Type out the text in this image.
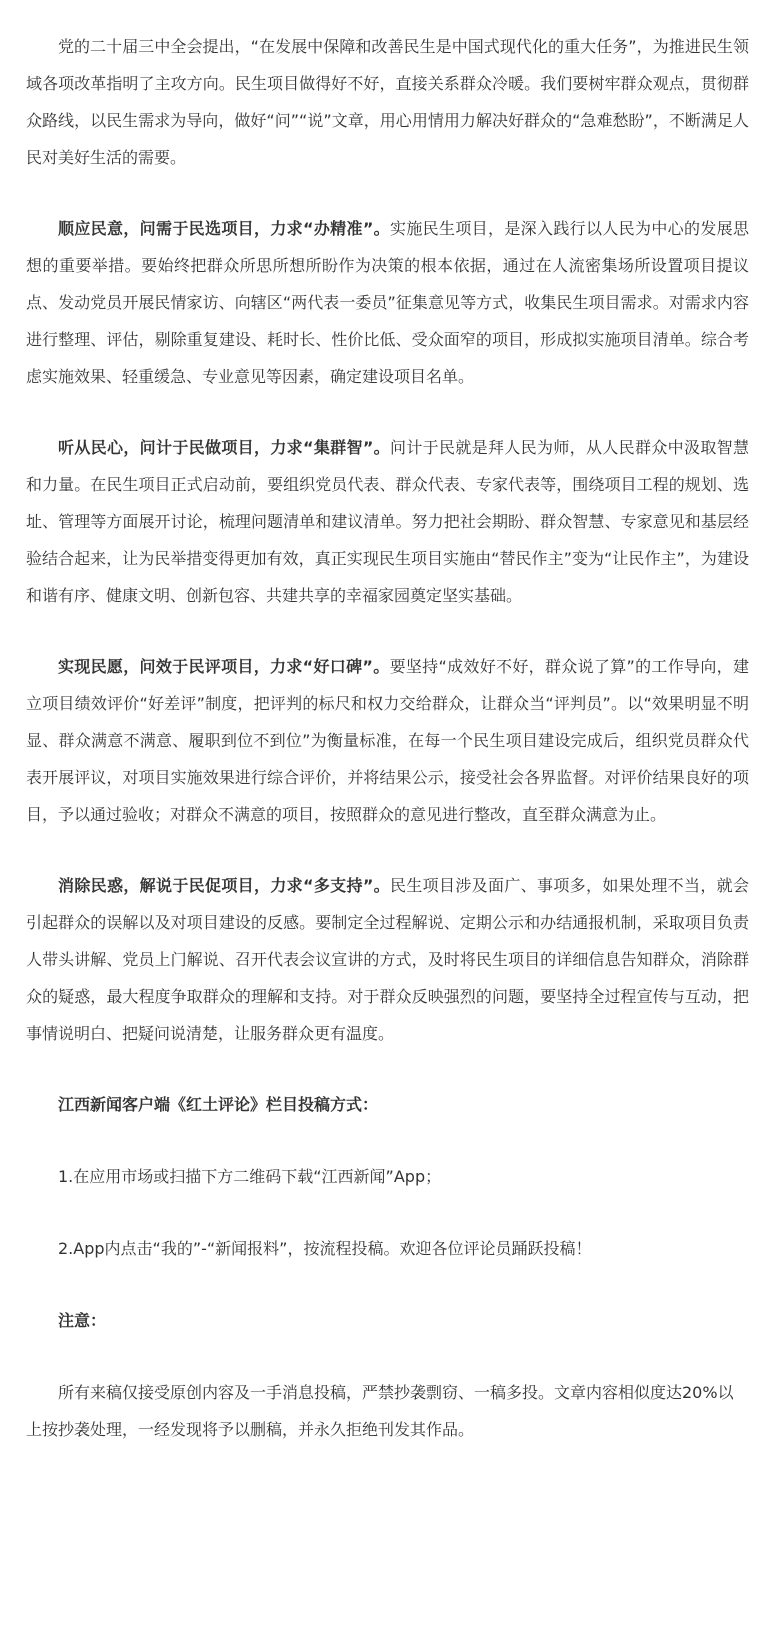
党的二十届三中全会提出，“在发展中保障和改善民生是中国式现代化的重大任务”，为推进民生领域各项改革指明了主攻方向。民生项目做得好不好，直接关系群众冷暖。我们要树牢群众观点，贯彻群众路线，以民生需求为导向，做好“问”“说”文章，用心用情用力解决好群众的“急难愁盼”，不断满足人民对美好生活的需要。

顺应民意，问需于民选项目，力求“办精准”。实施民生项目，是深入践行以人民为中心的发展思想的重要举措。要始终把群众所思所想所盼作为决策的根本依据，通过在人流密集场所设置项目提议点、发动党员开展民情家访、向辖区“两代表一委员”征集意见等方式，收集民生项目需求。对需求内容进行整理、评估，剔除重复建设、耗时长、性价比低、受众面窄的项目，形成拟实施项目清单。综合考虑实施效果、轻重缓急、专业意见等因素，确定建设项目名单。

听从民心，问计于民做项目，力求“集群智”。问计于民就是拜人民为师，从人民群众中汲取智慧和力量。在民生项目正式启动前，要组织党员代表、群众代表、专家代表等，围绕项目工程的规划、选址、管理等方面展开讨论，梳理问题清单和建议清单。努力把社会期盼、群众智慧、专家意见和基层经验结合起来，让为民举措变得更加有效，真正实现民生项目实施由“替民作主”变为“让民作主”，为建设和谐有序、健康文明、创新包容、共建共享的幸福家园奠定坚实基础。

实现民愿，问效于民评项目，力求“好口碑”。要坚持“成效好不好，群众说了算”的工作导向，建立项目绩效评价“好差评”制度，把评判的标尺和权力交给群众，让群众当“评判员”。以“效果明显不明显、群众满意不满意、履职到位不到位”为衡量标准，在每一个民生项目建设完成后，组织党员群众代表开展评议，对项目实施效果进行综合评价，并将结果公示，接受社会各界监督。对评价结果良好的项目，予以通过验收；对群众不满意的项目，按照群众的意见进行整改，直至群众满意为止。

消除民惑，解说于民促项目，力求“多支持”。民生项目涉及面广、事项多，如果处理不当，就会引起群众的误解以及对项目建设的反感。要制定全过程解说、定期公示和办结通报机制，采取项目负责人带头讲解、党员上门解说、召开代表会议宣讲的方式，及时将民生项目的详细信息告知群众，消除群众的疑惑，最大程度争取群众的理解和支持。对于群众反映强烈的问题，要坚持全过程宣传与互动，把事情说明白、把疑问说清楚，让服务群众更有温度。

江西新闻客户端《红土评论》栏目投稿方式：

1.在应用市场或扫描下方二维码下载“江西新闻”App；

2.App内点击“我的”-“新闻报料”，按流程投稿。欢迎各位评论员踊跃投稿！

注意：

所有来稿仅接受原创内容及一手消息投稿，严禁抄袭剽窃、一稿多投。文章内容相似度达20%以上按抄袭处理，一经发现将予以删稿，并永久拒绝刊发其作品。
